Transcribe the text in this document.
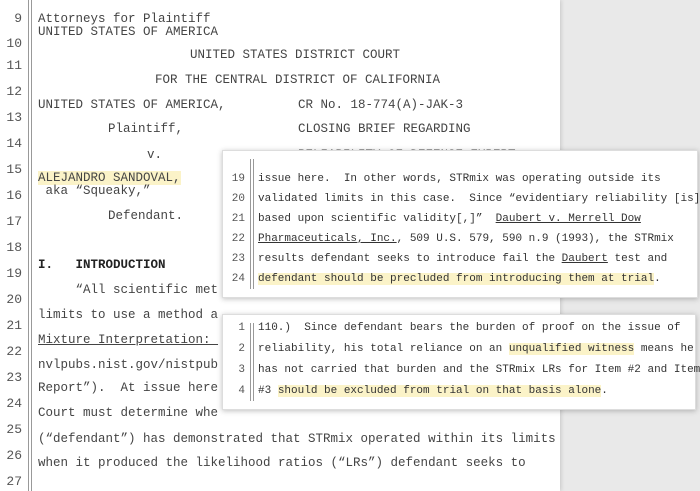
9 Attorneys for Plaintiff
UNITED STATES OF AMERICA
10
11
UNITED STATES DISTRICT COURT
12
FOR THE CENTRAL DISTRICT OF CALIFORNIA
13
UNITED STATES OF AMERICA,	CR No. 18-774(A)-JAK-3
14
Plaintiff,	CLOSING BRIEF REGARDING
15
v.
16
ALEJANDRO SANDOVAL,
aka “Squeaky,”
17	Defendant.
18
19
I.   INTRODUCTION
20
“All scientific met
21
limits to use a method a
22
Mixture Interpretation:
23
nvlpubs.nist.gov/nistpub
24
Report”).  At issue here
25
Court must determine whe
26
(“defendant”) has demonstrated that STRmix operated within its limits
27
when it produced the likelihood ratios (“LRs”) defendant seeks to
19 issue here.  In other words, STRmix was operating outside its
20 validated limits in this case.  Since “evidentiary reliability [is]
21 based upon scientific validity[,]”  Daubert v. Merrell Dow
22 Pharmaceuticals, Inc., 509 U.S. 579, 590 n.9 (1993), the STRmix
23 results defendant seeks to introduce fail the Daubert test and
24 defendant should be precluded from introducing them at trial.
1 110.)  Since defendant bears the burden of proof on the issue of
2 reliability, his total reliance on an unqualified witness means he
3 has not carried that burden and the STRmix LRs for Item #2 and Item
4 #3 should be excluded from trial on that basis alone.
